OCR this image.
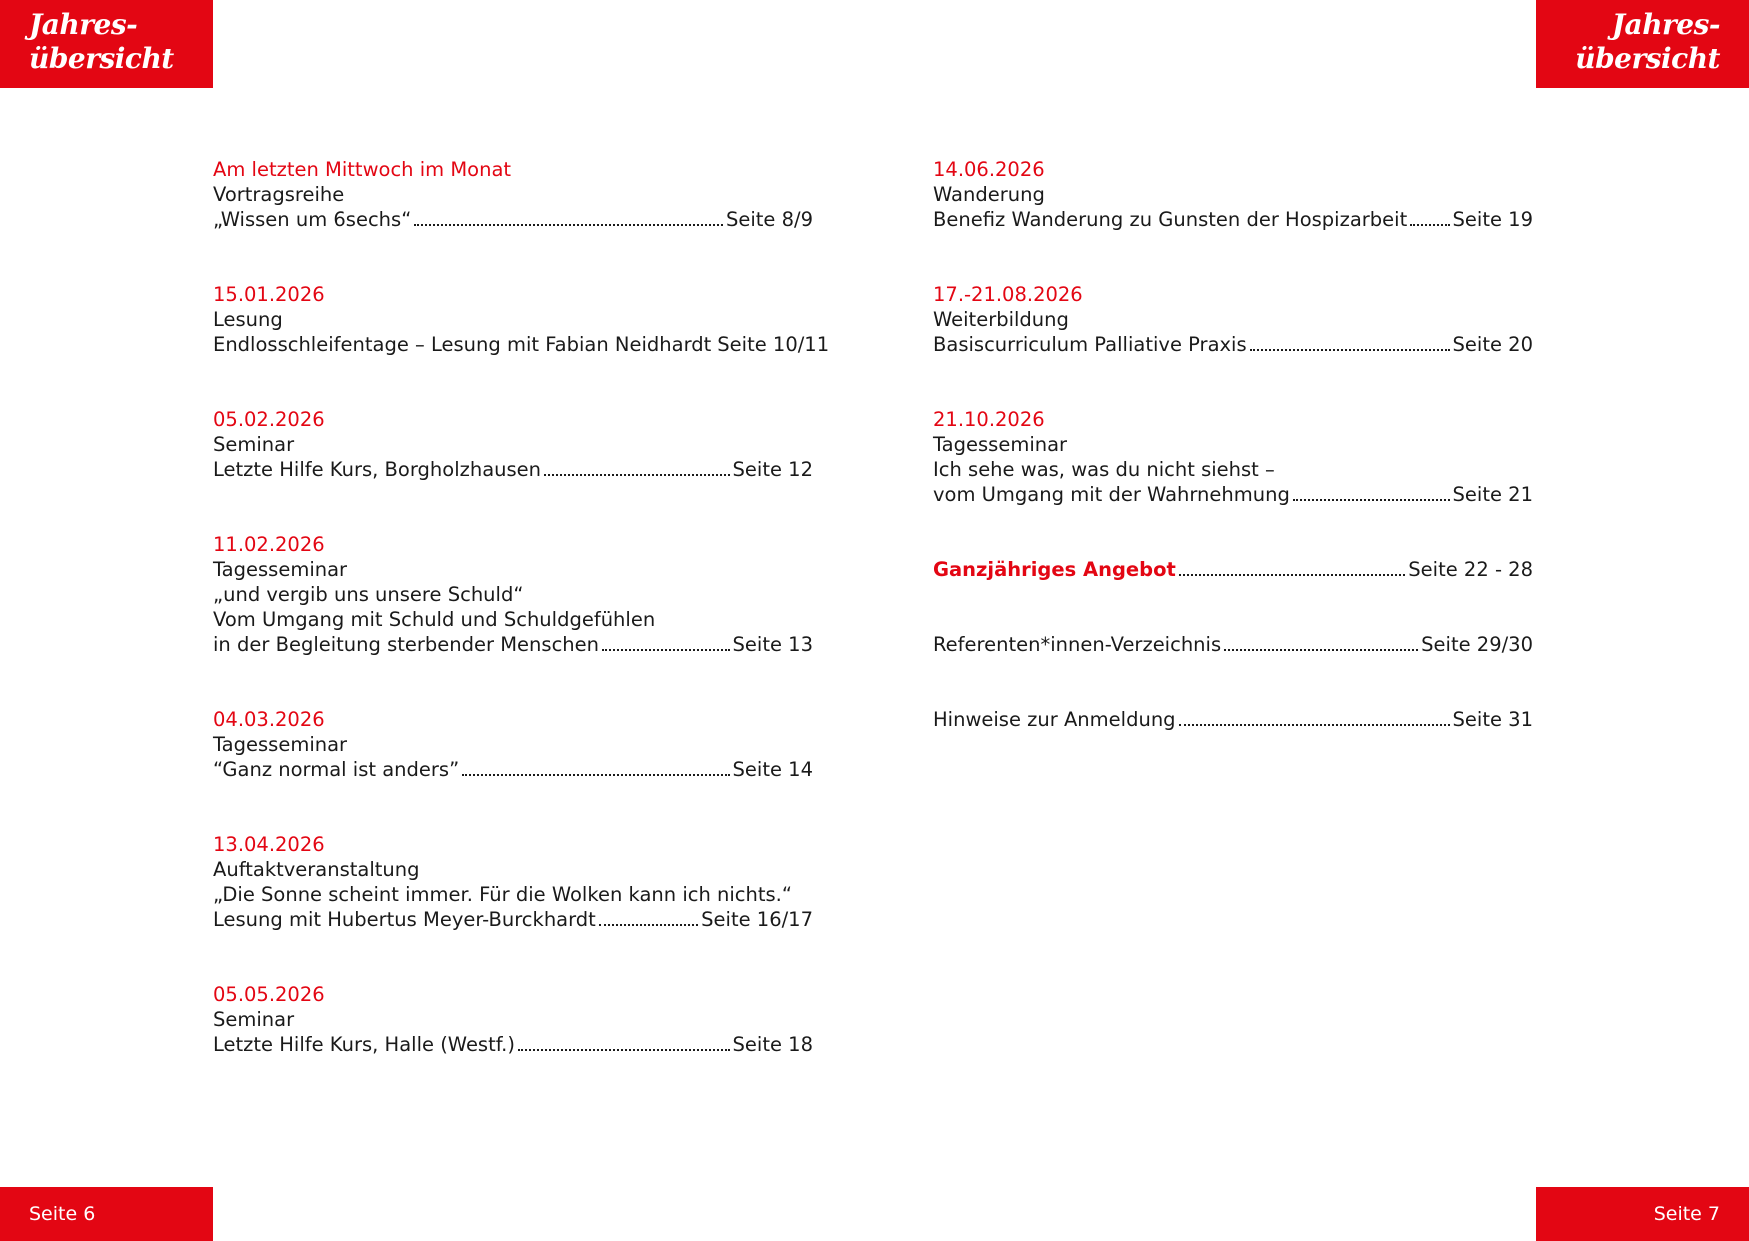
Jahres-
übersicht
Jahres-
übersicht
Am letzten Mittwoch im Monat
Vortragsreihe
„Wissen um 6sechs“	Seite 8/9
15.01.2026
Lesung
Endlosschleifentage – Lesung mit Fabian Neidhardt Seite 10/11
05.02.2026
Seminar
Letzte Hilfe Kurs, Borgholzhausen	Seite 12
11.02.2026
Tagesseminar
„und vergib uns unsere Schuld“
Vom Umgang mit Schuld und Schuldgefühlen
in der Begleitung sterbender Menschen	Seite 13
04.03.2026
Tagesseminar
“Ganz normal ist anders”	Seite 14
13.04.2026
Auftaktveranstaltung
„Die Sonne scheint immer. Für die Wolken kann ich nichts.“
Lesung mit Hubertus Meyer-Burckhardt	Seite 16/17
05.05.2026
Seminar
Letzte Hilfe Kurs, Halle (Westf.)	Seite 18
14.06.2026
Wanderung
Benefiz Wanderung zu Gunsten der Hospizarbeit Seite 19
17.-21.08.2026
Weiterbildung
Basiscurriculum Palliative Praxis	Seite 20
21.10.2026
Tagesseminar
Ich sehe was, was du nicht siehst –
vom Umgang mit der Wahrnehmung	Seite 21
Ganzjähriges Angebot	Seite 22 - 28
Referenten*innen-Verzeichnis	Seite 29/30
Hinweise zur Anmeldung	Seite 31
Seite 6	Seite 7
